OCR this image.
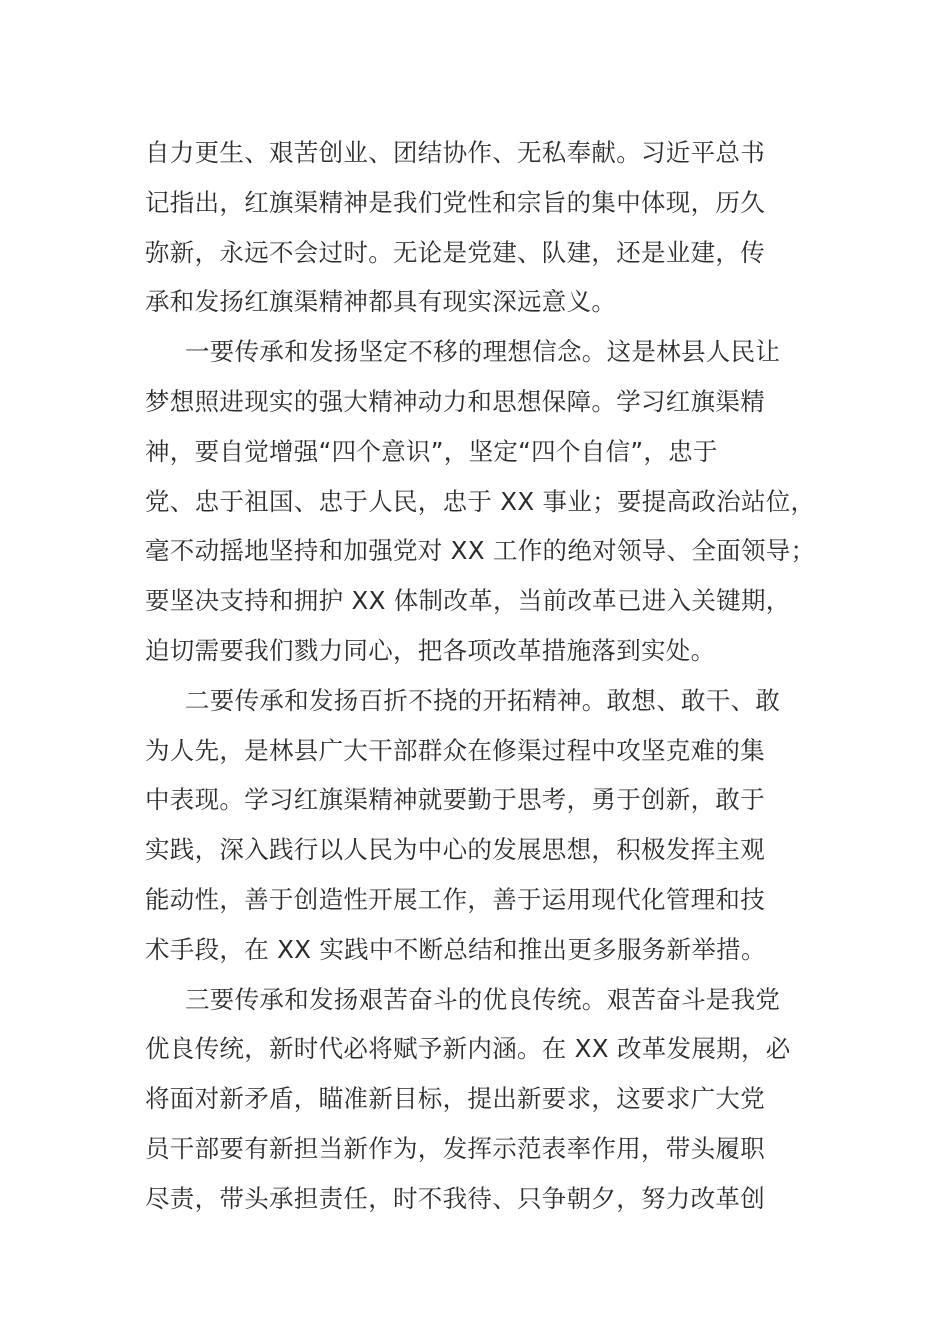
自力更生、艰苦创业、团结协作、无私奉献。习近平总书
记指出，红旗渠精神是我们党性和宗旨的集中体现，历久
弥新，永远不会过时。无论是党建、队建，还是业建，传
承和发扬红旗渠精神都具有现实深远意义。
一要传承和发扬坚定不移的理想信念。这是林县人民让
梦想照进现实的强大精神动力和思想保障。学习红旗渠精
神，要自觉增强“四个意识”，坚定“四个自信”，忠于
党、忠于祖国、忠于人民，忠于 XX 事业；要提高政治站位，
毫不动摇地坚持和加强党对 XX 工作的绝对领导、全面领导；
要坚决支持和拥护 XX 体制改革，当前改革已进入关键期，
迫切需要我们戮力同心，把各项改革措施落到实处。
二要传承和发扬百折不挠的开拓精神。敢想、敢干、敢
为人先，是林县广大干部群众在修渠过程中攻坚克难的集
中表现。学习红旗渠精神就要勤于思考，勇于创新，敢于
实践，深入践行以人民为中心的发展思想，积极发挥主观
能动性，善于创造性开展工作，善于运用现代化管理和技
术手段，在 XX 实践中不断总结和推出更多服务新举措。
三要传承和发扬艰苦奋斗的优良传统。艰苦奋斗是我党
优良传统，新时代必将赋予新内涵。在 XX 改革发展期，必
将面对新矛盾，瞄准新目标，提出新要求，这要求广大党
员干部要有新担当新作为，发挥示范表率作用，带头履职
尽责，带头承担责任，时不我待、只争朝夕，努力改革创
